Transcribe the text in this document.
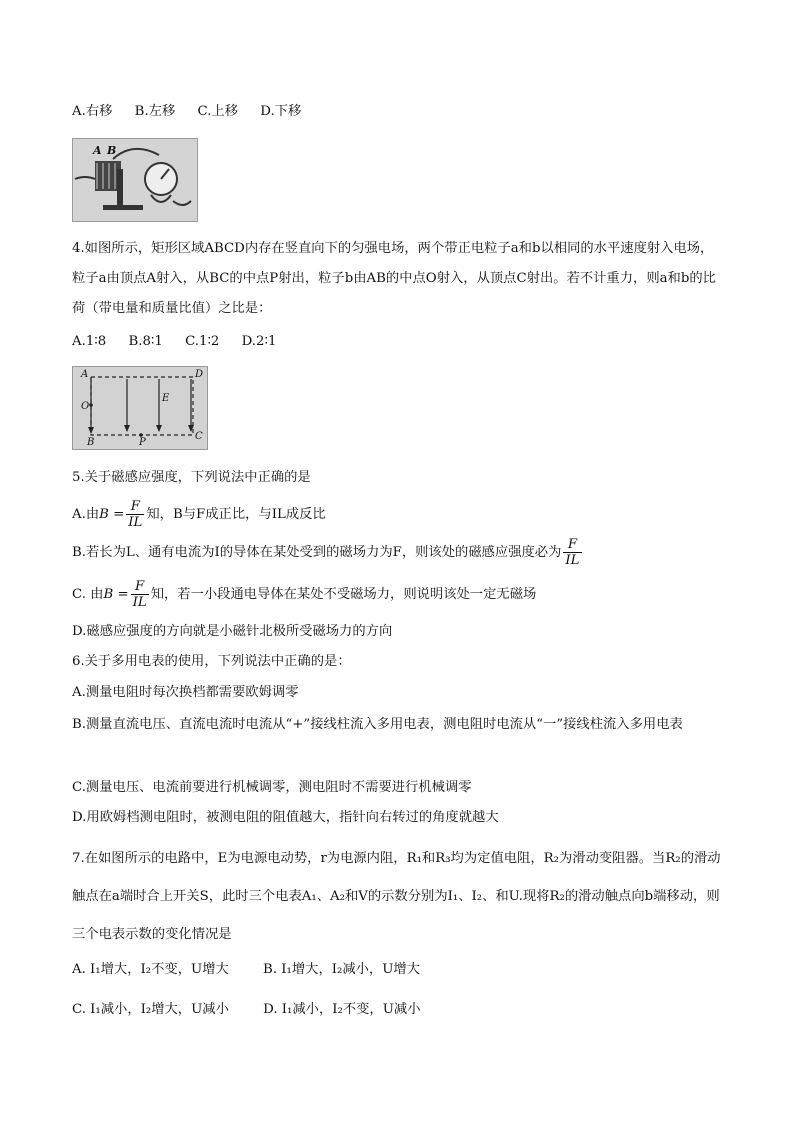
A.右移 B.左移 C.上移 D.下移
A B
4.如图所示，矩形区域ABCD内存在竖直向下的匀强电场，两个带正电粒子a和b以相同的水平速度射入电场，粒子a由顶点A射入，从BC的中点P射出，粒子b由AB的中点O射入，从顶点C射出。若不计重力，则a和b的比荷（带电量和质量比值）之比是：
A.1∶8 B.8∶1 C.1∶2 D.2∶1
A	D
O
E
B	P
C
5.关于磁感应强度，下列说法中正确的是
A.由$B = \frac{F}{IL}$ 知，B与F成正比，与IL成反比
B.若长为L、通有电流为I的导体在某处受到的磁场力为F，则该处的磁感应强度必为 $\frac{F}{IL}$
C. 由$B = \frac{F}{IL}$ 知，若一小段通电导体在某处不受磁场力，则说明该处一定无磁场
D.磁感应强度的方向就是小磁针北极所受磁场力的方向
6.关于多用电表的使用，下列说法中正确的是：
A.测量电阻时每次换档都需要欧姆调零
B.测量直流电压、直流电流时电流从“+”接线柱流入多用电表，测电阻时电流从“一”接线柱流入多用电表
C.测量电压、电流前要进行机械调零，测电阻时不需要进行机械调零
D.用欧姆档测电阻时，被测电阻的阻值越大，指针向右转过的角度就越大
7.在如图所示的电路中，E为电源电动势，r为电源内阻，R₁和R₃均为定值电阻，R₂为滑动变阻器。当R₂的滑动触点在a端时合上开关S，此时三个电表A₁、A₂和V的示数分别为I₁、I₂、和U.现将R₂的滑动触点向b端移动，则三个电表示数的变化情况是
A. I₁增大，I₂不变，U增大	B. I₁增大，I₂减小，U增大
C. I₁减小，I₂增大，U减小	D. I₁减小，I₂不变，U减小
